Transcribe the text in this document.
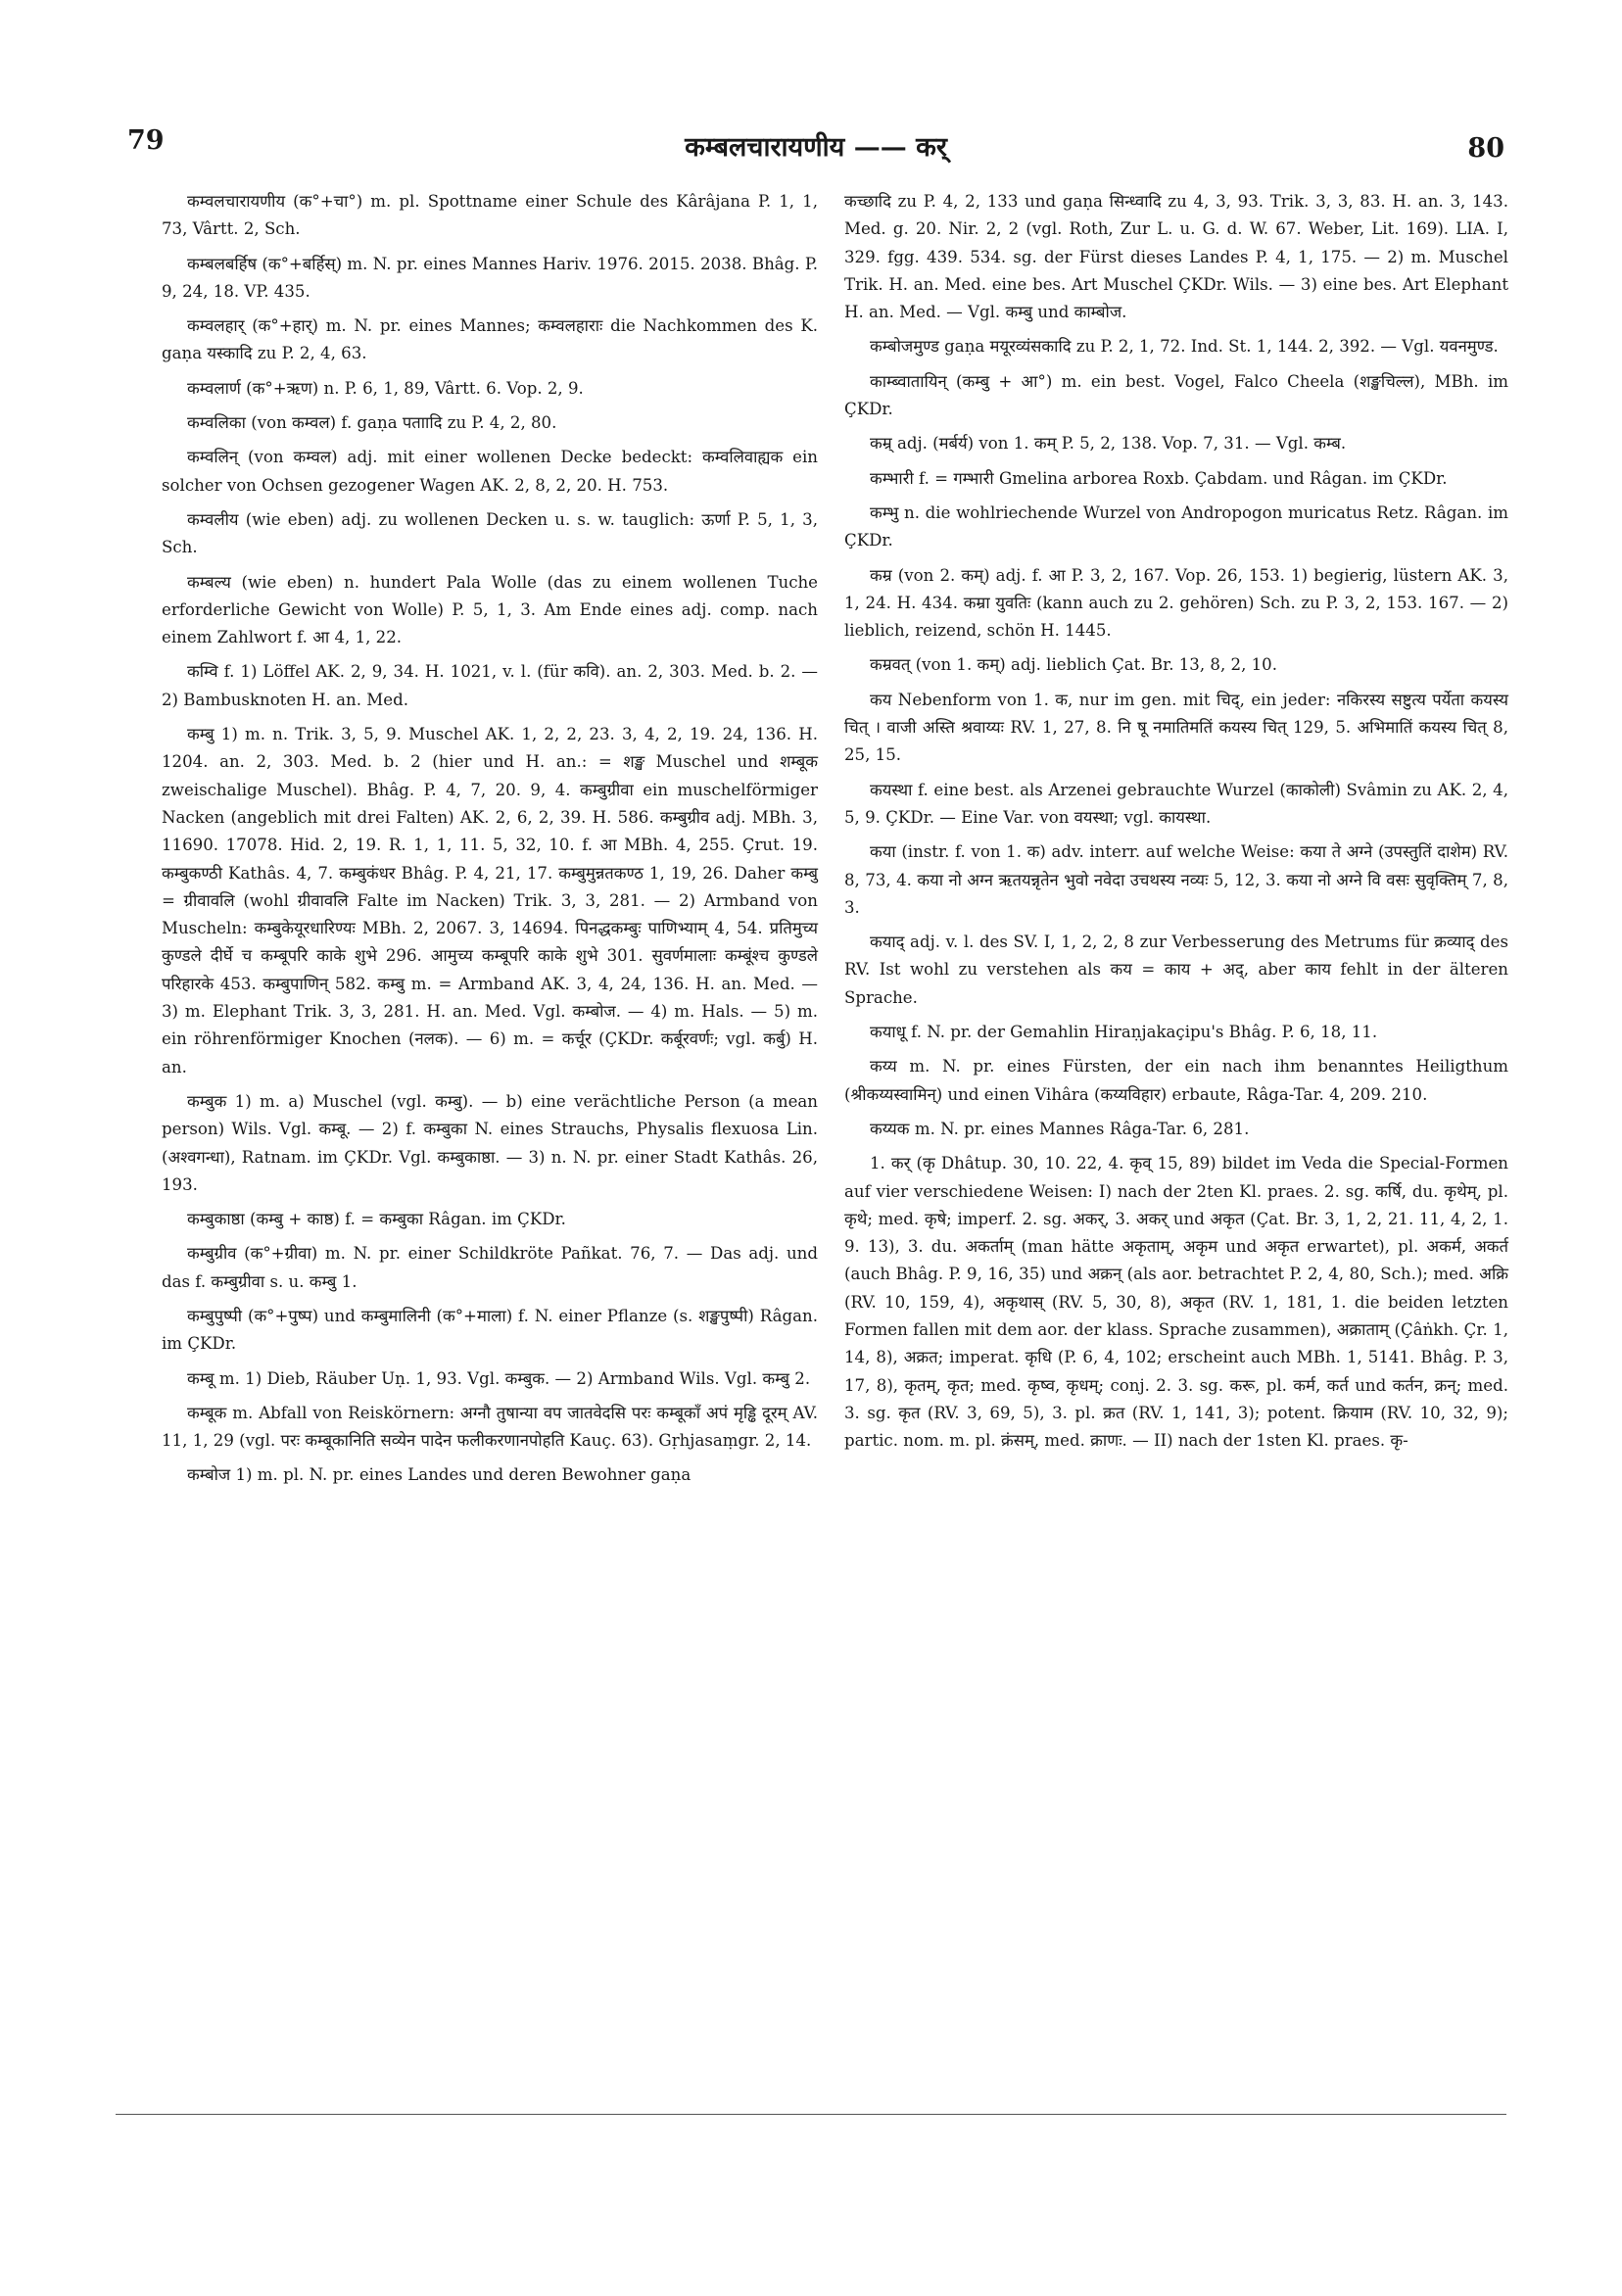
79	कम्बलचारायणीय —— कर्	80

कम्वलचारायणीय (क°+चा°) m. pl. Spottname einer Schule des Kârâjana P. 1, 1, 73, Vârtt. 2, Sch.

कम्बलबर्हिष (क°+बर्हिस्) m. N. pr. eines Mannes Hariv. 1976. 2015. 2038. Bhâg. P. 9, 24, 18. VP. 435.

कम्वलहार् (क°+हार्) m. N. pr. eines Mannes; कम्वलहाराः die Nachkommen des K. gaṇa यस्कादि zu P. 2, 4, 63.

कम्वलार्ण (क°+ऋण) n. P. 6, 1, 89, Vârtt. 6. Vop. 2, 9.

कम्वलिका (von कम्वल) f. gaṇa पताादि zu P. 4, 2, 80.

कम्वलिन् (von कम्वल) adj. mit einer wollenen Decke bedeckt: कम्वलिवाह्यक ein solcher von Ochsen gezogener Wagen AK. 2, 8, 2, 20. H. 753.

कम्वलीय (wie eben) adj. zu wollenen Decken u. s. w. tauglich: ऊर्णा P. 5, 1, 3, Sch.

कम्बल्य (wie eben) n. hundert Pala Wolle (das zu einem wollenen Tuche erforderliche Gewicht von Wolle) P. 5, 1, 3. Am Ende eines adj. comp. nach einem Zahlwort f. आ 4, 1, 22.

कम्वि f. 1) Löffel AK. 2, 9, 34. H. 1021, v. l. (für कवि). an. 2, 303. Med. b. 2. — 2) Bambusknoten H. an. Med.

कम्बु 1) m. n. Trik. 3, 5, 9. Muschel AK. 1, 2, 2, 23. 3, 4, 2, 19. 24, 136. H. 1204. an. 2, 303. Med. b. 2 (hier und H. an.: = शङ्ख Muschel und शम्बूक zweischalige Muschel). Bhâg. P. 4, 7, 20. 9, 4. कम्बुग्रीवा ein muschelförmiger Nacken (angeblich mit drei Falten) AK. 2, 6, 2, 39. H. 586. कम्बुग्रीव adj. MBh. 3, 11690. 17078. Hid. 2, 19. R. 1, 1, 11. 5, 32, 10. f. आ MBh. 4, 255. Çrut. 19. कम्बुकण्ठी Kathâs. 4, 7. कम्बुकंधर Bhâg. P. 4, 21, 17. कम्बुमुन्नतकण्ठ 1, 19, 26. Daher कम्बु = ग्रीवावलि (wohl ग्रीवावलि Falte im Nacken) Trik. 3, 3, 281. — 2) Armband von Muscheln: कम्बुकेयूरधारिण्यः MBh. 2, 2067. 3, 14694. पिनद्धकम्बुः पाणिभ्याम् 4, 54. प्रतिमुच्य कुण्डले दीर्घे च कम्बूपरि काके शुभे 296. आमुच्य कम्बूपरि काके शुभे 301. सुवर्णमालाः कम्बूंश्च कुण्डले परिहारके 453. कम्बुपाणिन् 582. कम्बु m. = Armband AK. 3, 4, 24, 136. H. an. Med. — 3) m. Elephant Trik. 3, 3, 281. H. an. Med. Vgl. कम्बोज. — 4) m. Hals. — 5) m. ein röhrenförmiger Knochen (नलक). — 6) m. = कर्चूर (ÇKDr. कर्बूरवर्णः; vgl. कर्बु) H. an.

कम्बुक 1) m. a) Muschel (vgl. कम्बु). — b) eine verächtliche Person (a mean person) Wils. Vgl. कम्बू. — 2) f. कम्बुका N. eines Strauchs, Physalis flexuosa Lin. (अश्वगन्धा), Ratnam. im ÇKDr. Vgl. कम्बुकाष्ठा. — 3) n. N. pr. einer Stadt Kathâs. 26, 193.

कम्बुकाष्ठा (कम्बु + काष्ठ) f. = कम्बुका Râgan. im ÇKDr.

कम्बुग्रीव (क°+ग्रीवा) m. N. pr. einer Schildkröte Pañkat. 76, 7. — Das adj. und das f. कम्बुग्रीवा s. u. कम्बु 1.

कम्बुपुष्पी (क°+पुष्प) und कम्बुमालिनी (क°+माला) f. N. einer Pflanze (s. शङ्खपुष्पी) Râgan. im ÇKDr.

कम्बू m. 1) Dieb, Räuber Uṇ. 1, 93. Vgl. कम्बुक. — 2) Armband Wils. Vgl. कम्बु 2.

कम्बूक m. Abfall von Reiskörnern: अग्नौ तुषान्या वप जातवेदसि परः कम्बूकाँ अपं मृड्ढि दूरम् AV. 11, 1, 29 (vgl. परः कम्बूकानिति सव्येन पादेन फलीकरणानपोहति Kauç. 63). Gṛhjasaṃgr. 2, 14.

कम्बोज 1) m. pl. N. pr. eines Landes und deren Bewohner gaṇa

कच्छादि zu P. 4, 2, 133 und gaṇa सिन्ध्वादि zu 4, 3, 93. Trik. 3, 3, 83. H. an. 3, 143. Med. g. 20. Nir. 2, 2 (vgl. Roth, Zur L. u. G. d. W. 67. Weber, Lit. 169). LIA. I, 329. fgg. 439. 534. sg. der Fürst dieses Landes P. 4, 1, 175. — 2) m. Muschel Trik. H. an. Med. eine bes. Art Muschel ÇKDr. Wils. — 3) eine bes. Art Elephant H. an. Med. — Vgl. कम्बु und काम्बोज.

कम्बोजमुण्ड gaṇa मयूरव्यंसकादि zu P. 2, 1, 72. Ind. St. 1, 144. 2, 392. — Vgl. यवनमुण्ड.

काम्ब्वातायिन् (कम्बु + आ°) m. ein best. Vogel, Falco Cheela (शङ्खचिल्ल), MBh. im ÇKDr.

कम्र् adj. (मर्बर्य) von 1. कम् P. 5, 2, 138. Vop. 7, 31. — Vgl. कम्ब.

कम्भारी f. = गम्भारी Gmelina arborea Roxb. Çabdam. und Râgan. im ÇKDr.

कम्भु n. die wohlriechende Wurzel von Andropogon muricatus Retz. Râgan. im ÇKDr.

कम्र (von 2. कम्) adj. f. आ P. 3, 2, 167. Vop. 26, 153. 1) begierig, lüstern AK. 3, 1, 24. H. 434. कम्रा युवतिः (kann auch zu 2. gehören) Sch. zu P. 3, 2, 153. 167. — 2) lieblich, reizend, schön H. 1445.

कम्रवत् (von 1. कम्) adj. lieblich Çat. Br. 13, 8, 2, 10.

कय Nebenform von 1. क, nur im gen. mit चिद्, ein jeder: नकिरस्य सष्टुत्य पर्येता कयस्य चित् । वाजी अस्ति श्रवाय्यः RV. 1, 27, 8. नि षू नमातिमतिं कयस्य चित् 129, 5. अभिमातिं कयस्य चित् 8, 25, 15.

कयस्था f. eine best. als Arzenei gebrauchte Wurzel (काकोली) Svâmin zu AK. 2, 4, 5, 9. ÇKDr. — Eine Var. von वयस्था; vgl. कायस्था.

कया (instr. f. von 1. क) adv. interr. auf welche Weise: कया ते अग्ने (उपस्तुतिं दाशेम) RV. 8, 73, 4. कया नो अग्न ऋतयन्नृतेन भुवो नवेदा उचथस्य नव्यः 5, 12, 3. कया नो अग्ने वि वसः सुवृक्तिम् 7, 8, 3.

कयाद् adj. v. l. des SV. I, 1, 2, 2, 8 zur Verbesserung des Metrums für क्रव्याद् des RV. Ist wohl zu verstehen als कय = काय + अद्, aber काय fehlt in der älteren Sprache.

कयाधू f. N. pr. der Gemahlin Hiraṇjakaçipu's Bhâg. P. 6, 18, 11.

कय्य m. N. pr. eines Fürsten, der ein nach ihm benanntes Heiligthum (श्रीकय्यस्वामिन्) und einen Vihâra (कय्यविहार) erbaute, Râga-Tar. 4, 209. 210.

कय्यक m. N. pr. eines Mannes Râga-Tar. 6, 281.

1. कर् (कृ Dhâtup. 30, 10. 22, 4. कृव् 15, 89) bildet im Veda die Special-Formen auf vier verschiedene Weisen: I) nach der 2ten Kl. praes. 2. sg. कर्षि, du. कृथेम्, pl. कृथे; med. कृषे; imperf. 2. sg. अकर्, 3. अकर् und अकृत (Çat. Br. 3, 1, 2, 21. 11, 4, 2, 1. 9. 13), 3. du. अकर्ताम् (man hätte अकृताम्, अकृम und अकृत erwartet), pl. अकर्म, अकर्त (auch Bhâg. P. 9, 16, 35) und अक्रन् (als aor. betrachtet P. 2, 4, 80, Sch.); med. अक्रि (RV. 10, 159, 4), अकृथास् (RV. 5, 30, 8), अकृत (RV. 1, 181, 1. die beiden letzten Formen fallen mit dem aor. der klass. Sprache zusammen), अक्राताम् (Çâṅkh. Çr. 1, 14, 8), अक्रत; imperat. कृधि (P. 6, 4, 102; erscheint auch MBh. 1, 5141. Bhâg. P. 3, 17, 8), कृतम्, कृत; med. कृष्व, कृधम्; conj. 2. 3. sg. करू, pl. कर्म, कर्त und कर्तन, क्रन्; med. 3. sg. कृत (RV. 3, 69, 5), 3. pl. क्रत (RV. 1, 141, 3); potent. क्रियाम (RV. 10, 32, 9); partic. nom. m. pl. क्रंसम्, med. क्राणः. — II) nach der 1sten Kl. praes. कृ-
